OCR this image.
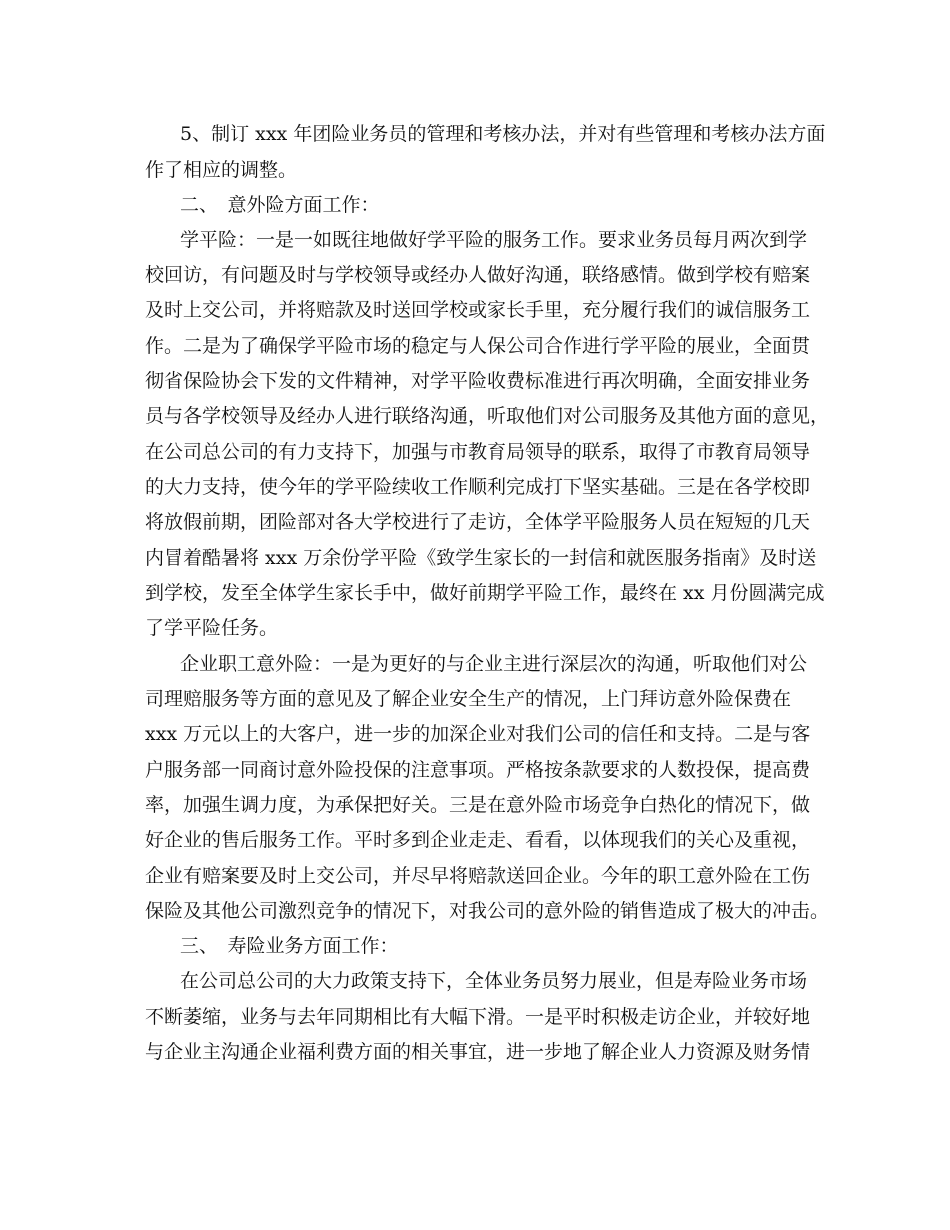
5、制订 xxx 年团险业务员的管理和考核办法，并对有些管理和考核办法方面
作了相应的调整。
二、　意外险方面工作：
学平险：一是一如既往地做好学平险的服务工作。要求业务员每月两次到学
校回访，有问题及时与学校领导或经办人做好沟通，联络感情。做到学校有赔案
及时上交公司，并将赔款及时送回学校或家长手里，充分履行我们的诚信服务工
作。二是为了确保学平险市场的稳定与人保公司合作进行学平险的展业，全面贯
彻省保险协会下发的文件精神，对学平险收费标准进行再次明确，全面安排业务
员与各学校领导及经办人进行联络沟通，听取他们对公司服务及其他方面的意见，
在公司总公司的有力支持下，加强与市教育局领导的联系，取得了市教育局领导
的大力支持，使今年的学平险续收工作顺利完成打下坚实基础。三是在各学校即
将放假前期，团险部对各大学校进行了走访，全体学平险服务人员在短短的几天
内冒着酷暑将 xxx 万余份学平险《致学生家长的一封信和就医服务指南》及时送
到学校，发至全体学生家长手中，做好前期学平险工作，最终在 xx 月份圆满完成
了学平险任务。
企业职工意外险：一是为更好的与企业主进行深层次的沟通，听取他们对公
司理赔服务等方面的意见及了解企业安全生产的情况，上门拜访意外险保费在
xxx 万元以上的大客户，进一步的加深企业对我们公司的信任和支持。二是与客
户服务部一同商讨意外险投保的注意事项。严格按条款要求的人数投保，提高费
率，加强生调力度，为承保把好关。三是在意外险市场竞争白热化的情况下，做
好企业的售后服务工作。平时多到企业走走、看看，以体现我们的关心及重视，
企业有赔案要及时上交公司，并尽早将赔款送回企业。今年的职工意外险在工伤
保险及其他公司激烈竞争的情况下，对我公司的意外险的销售造成了极大的冲击。
三、　寿险业务方面工作：
在公司总公司的大力政策支持下，全体业务员努力展业，但是寿险业务市场
不断萎缩，业务与去年同期相比有大幅下滑。一是平时积极走访企业，并较好地
与企业主沟通企业福利费方面的相关事宜，进一步地了解企业人力资源及财务情
